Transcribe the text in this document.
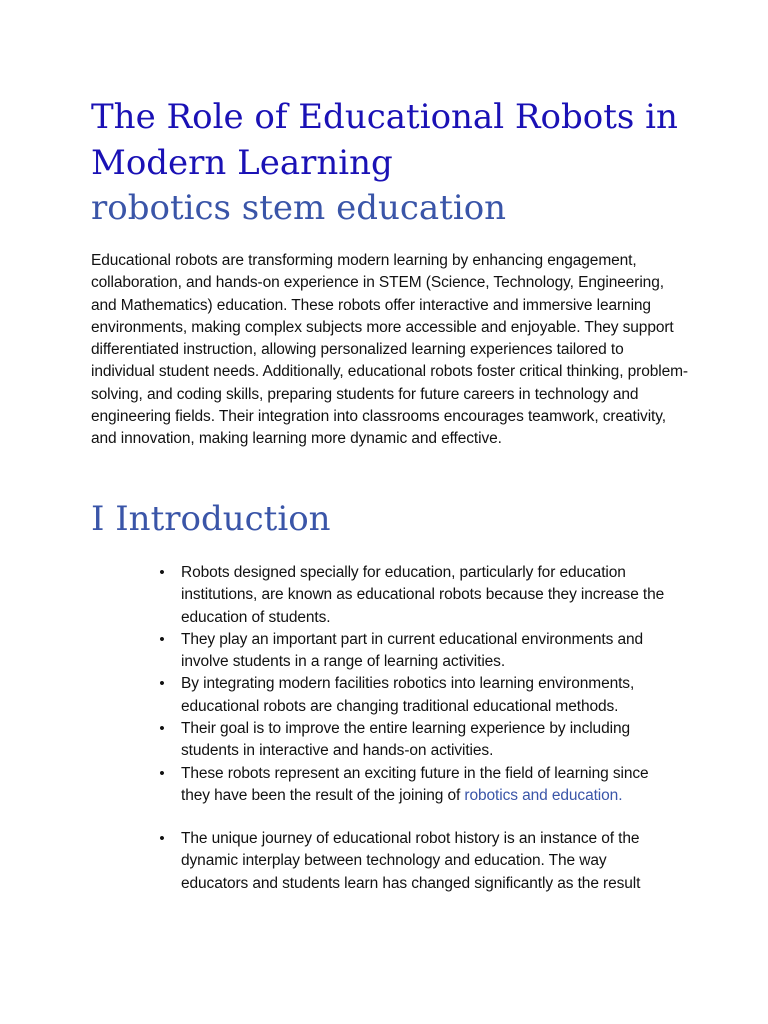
The Role of Educational Robots in Modern Learning
robotics stem education

Educational robots are transforming modern learning by enhancing engagement, collaboration, and hands-on experience in STEM (Science, Technology, Engineering, and Mathematics) education. These robots offer interactive and immersive learning environments, making complex subjects more accessible and enjoyable. They support differentiated instruction, allowing personalized learning experiences tailored to individual student needs. Additionally, educational robots foster critical thinking, problem-solving, and coding skills, preparing students for future careers in technology and engineering fields. Their integration into classrooms encourages teamwork, creativity, and innovation, making learning more dynamic and effective.

I Introduction
• Robots designed specially for education, particularly for education institutions, are known as educational robots because they increase the education of students.
• They play an important part in current educational environments and involve students in a range of learning activities.
• By integrating modern facilities robotics into learning environments, educational robots are changing traditional educational methods.
• Their goal is to improve the entire learning experience by including students in interactive and hands-on activities.
• These robots represent an exciting future in the field of learning since they have been the result of the joining of robotics and education.
• The unique journey of educational robot history is an instance of the dynamic interplay between technology and education. The way educators and students learn has changed significantly as the result
